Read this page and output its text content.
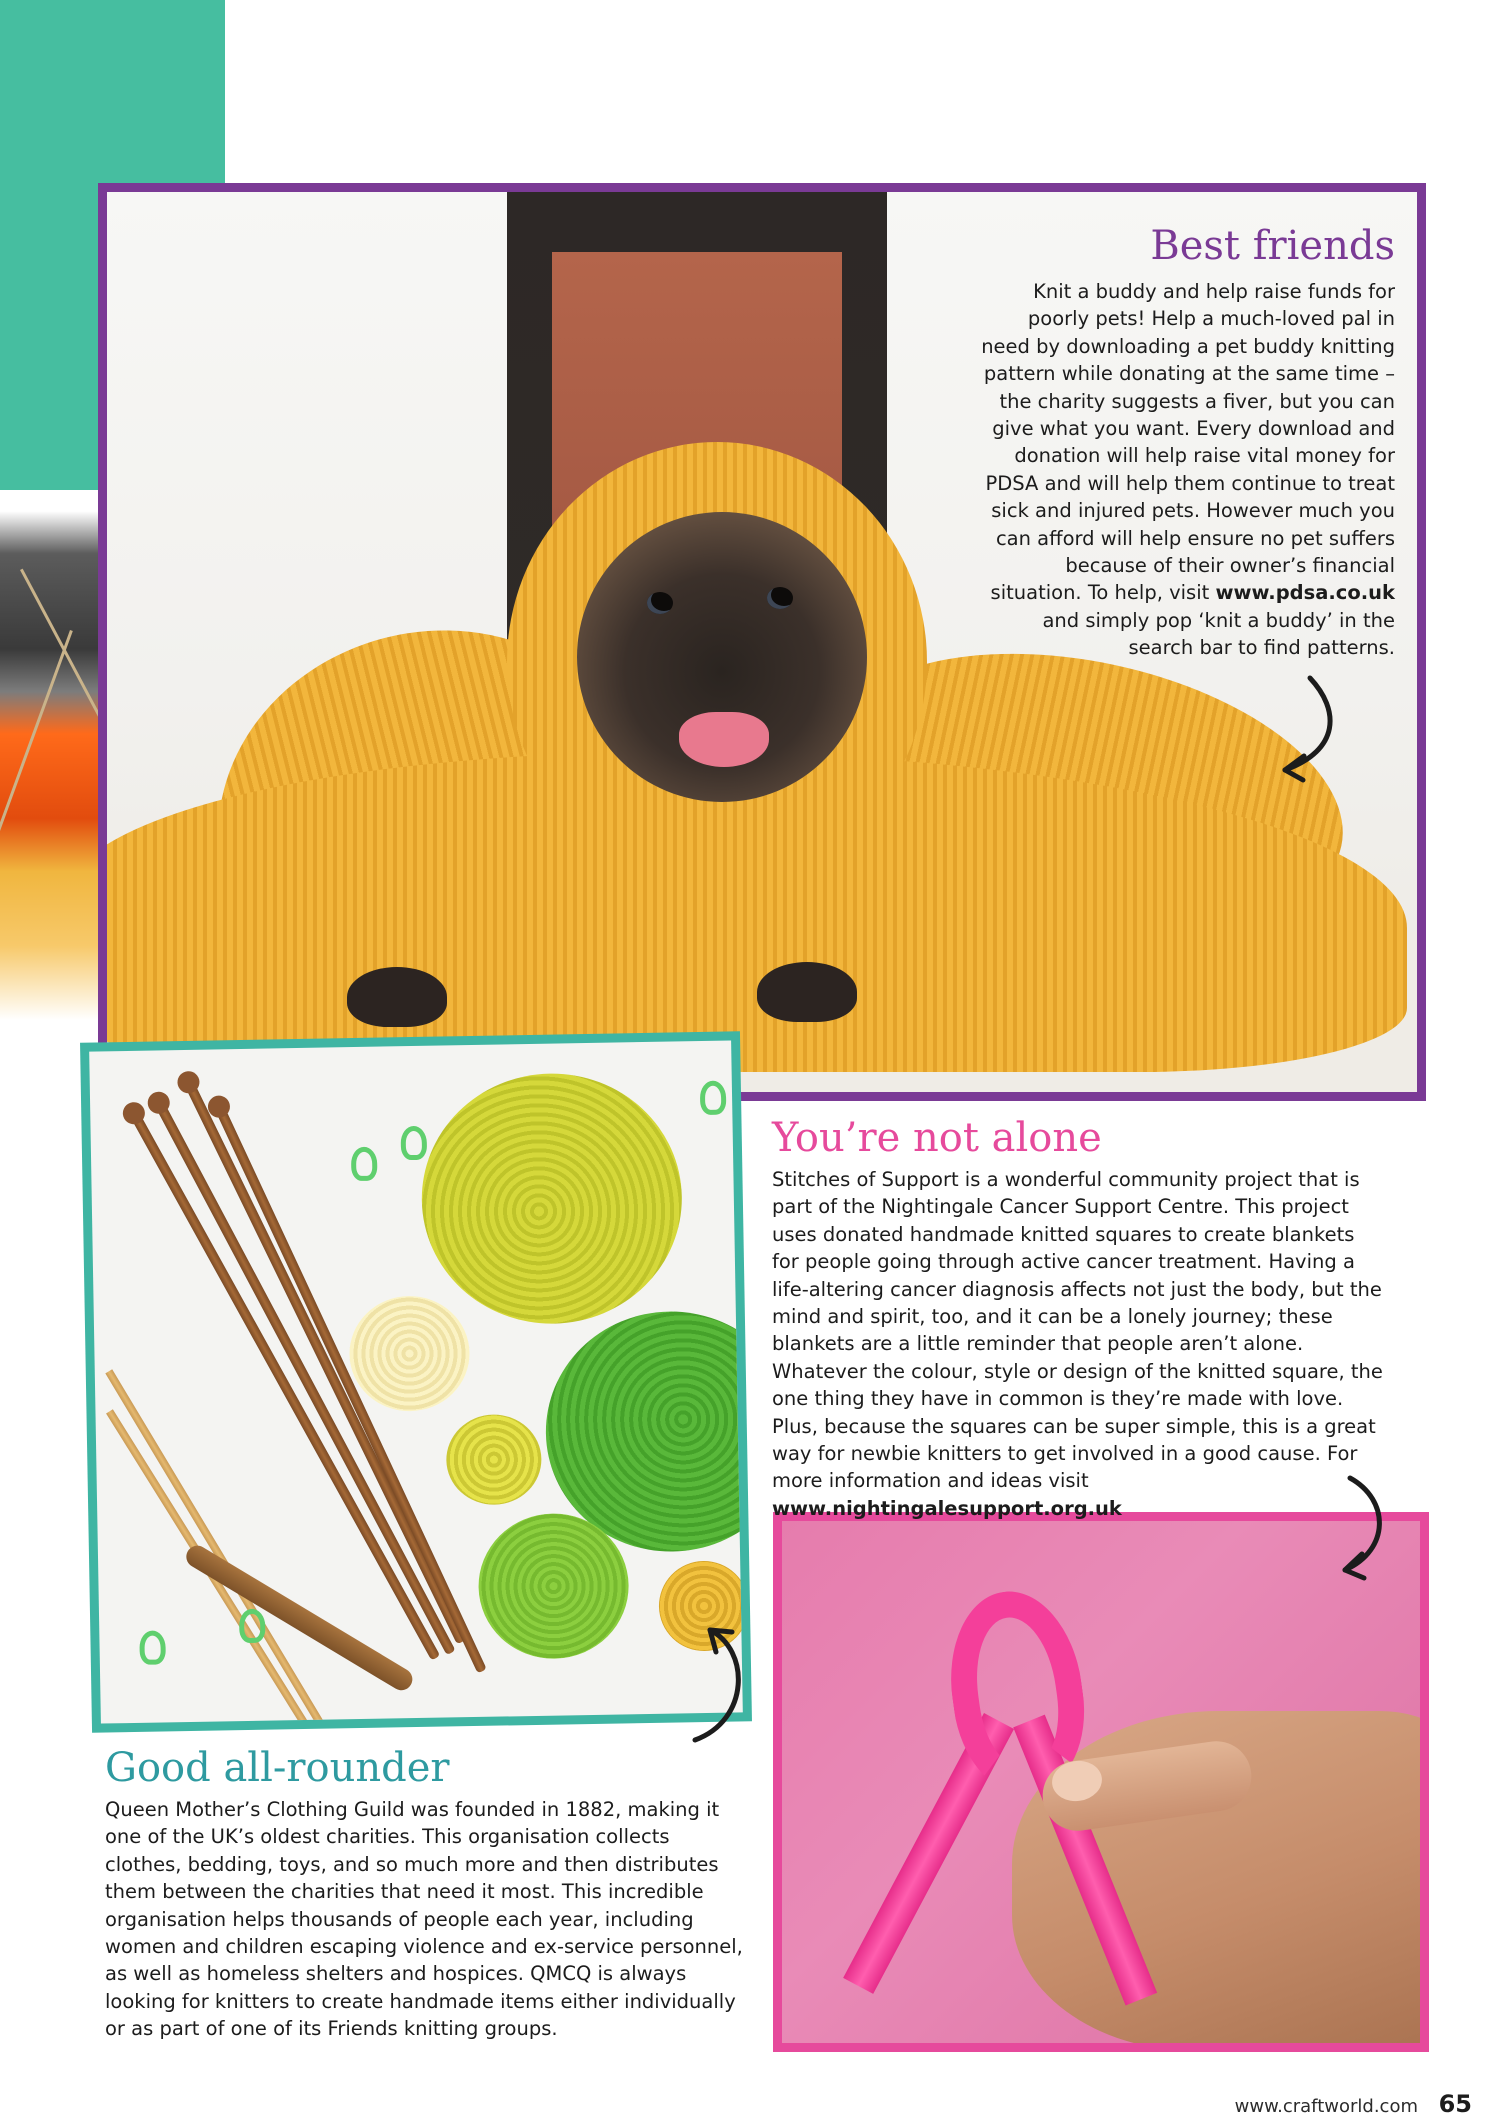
Best friends

Knit a buddy and help raise funds for poorly pets! Help a much-loved pal in need by downloading a pet buddy knitting pattern while donating at the same time – the charity suggests a fiver, but you can give what you want. Every download and donation will help raise vital money for PDSA and will help them continue to treat sick and injured pets. However much you can afford will help ensure no pet suffers because of their owner’s financial situation. To help, visit www.pdsa.co.uk and simply pop ‘knit a buddy’ in the search bar to find patterns.

You’re not alone

Stitches of Support is a wonderful community project that is part of the Nightingale Cancer Support Centre. This project uses donated handmade knitted squares to create blankets for people going through active cancer treatment. Having a life-altering cancer diagnosis affects not just the body, but the mind and spirit, too, and it can be a lonely journey; these blankets are a little reminder that people aren’t alone. Whatever the colour, style or design of the knitted square, the one thing they have in common is they’re made with love. Plus, because the squares can be super simple, this is a great way for newbie knitters to get involved in a good cause. For more information and ideas visit www.nightingalesupport.org.uk

Good all-rounder

Queen Mother’s Clothing Guild was founded in 1882, making it one of the UK’s oldest charities. This organisation collects clothes, bedding, toys, and so much more and then distributes them between the charities that need it most. This incredible organisation helps thousands of people each year, including women and children escaping violence and ex-service personnel, as well as homeless shelters and hospices. QMCQ is always looking for knitters to create handmade items either individually or as part of one of its Friends knitting groups.

www.craftworld.com 65
